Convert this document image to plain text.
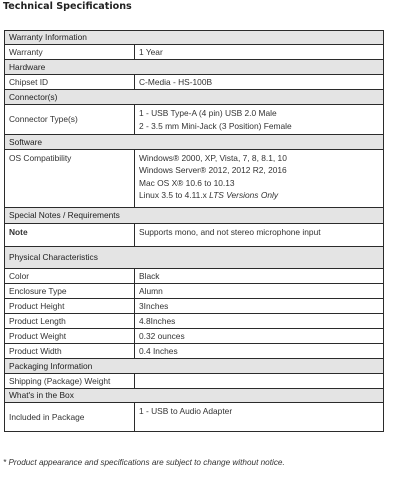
Technical Specifications
Warranty Information	
Warranty	1 Year
Hardware	
Chipset ID	C-Media - HS-100B
Connector(s)	
Connector Type(s)	1 - USB Type-A (4 pin) USB 2.0 Male
2 - 3.5 mm Mini-Jack (3 Position) Female

Software	
OS Compatibility	Windows® 2000, XP, Vista, 7, 8, 8.1, 10
Windows Server® 2012, 2012 R2, 2016
Mac OS X® 10.6 to 10.13
Linux 3.5 to 4.11.x LTS Versions Only

Special Notes / Requirements	
Note	Supports mono, and not stereo microphone input
Physical Characteristics	
Color	Black
Enclosure Type	Alumn
Product Height	3Inches
Product Length	4.8Inches
Product Weight	0.32 ounces
Product Width	0.4 Inches
Packaging Information	
Shipping (Package) Weight	
What's in the Box	
Included in Package	1 - USB to Audio Adapter
* Product appearance and specifications are subject to change without notice.
